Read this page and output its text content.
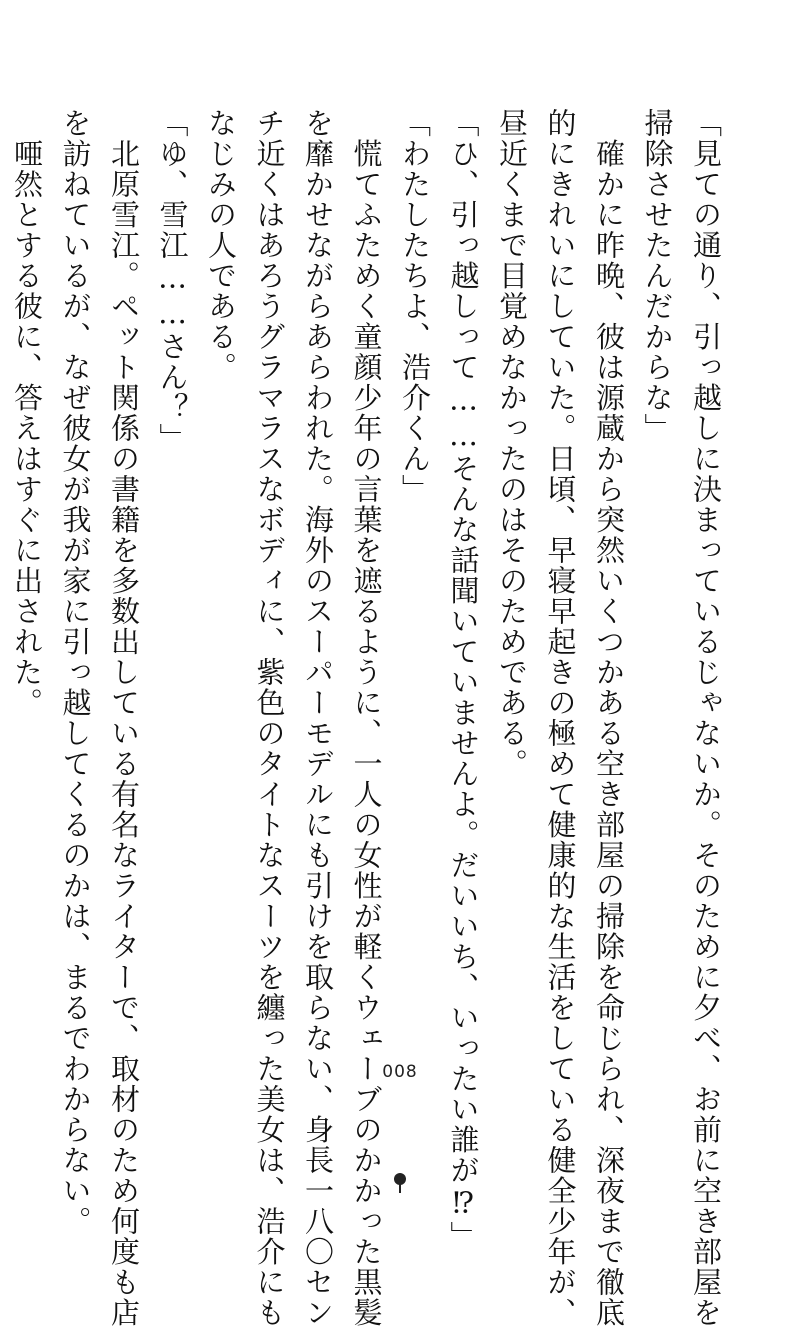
「見ての通り、引っ越しに決まっているじゃないか。そのために夕べ、お前に空き部屋を
掃除させたんだからな」
　確かに昨晩、彼は源蔵から突然いくつかある空き部屋の掃除を命じられ、深夜まで徹底
的にきれいにしていた。日頃、早寝早起きの極めて健康的な生活をしている健全少年が、
昼近くまで目覚めなかったのはそのためである。
「ひ、引っ越しって……そんな話聞いていませんよ。だいいち、いったい誰が⁉」
「わたしたちよ、浩介くん」
　慌てふためく童顔少年の言葉を遮るように、一人の女性が軽くウェーブのかかった黒髪
を靡かせながらあらわれた。海外のスーパーモデルにも引けを取らない、身長一八〇セン
チ近くはあろうグラマラスなボディに、紫色のタイトなスーツを纏った美女は、浩介にも
なじみの人である。
「ゆ、雪江……さん？」
　北原雪江。ペット関係の書籍を多数出している有名なライターで、取材のため何度も店
を訪ねているが、なぜ彼女が我が家に引っ越してくるのかは、まるでわからない。
　唖然とする彼に、答えはすぐに出された。
008
